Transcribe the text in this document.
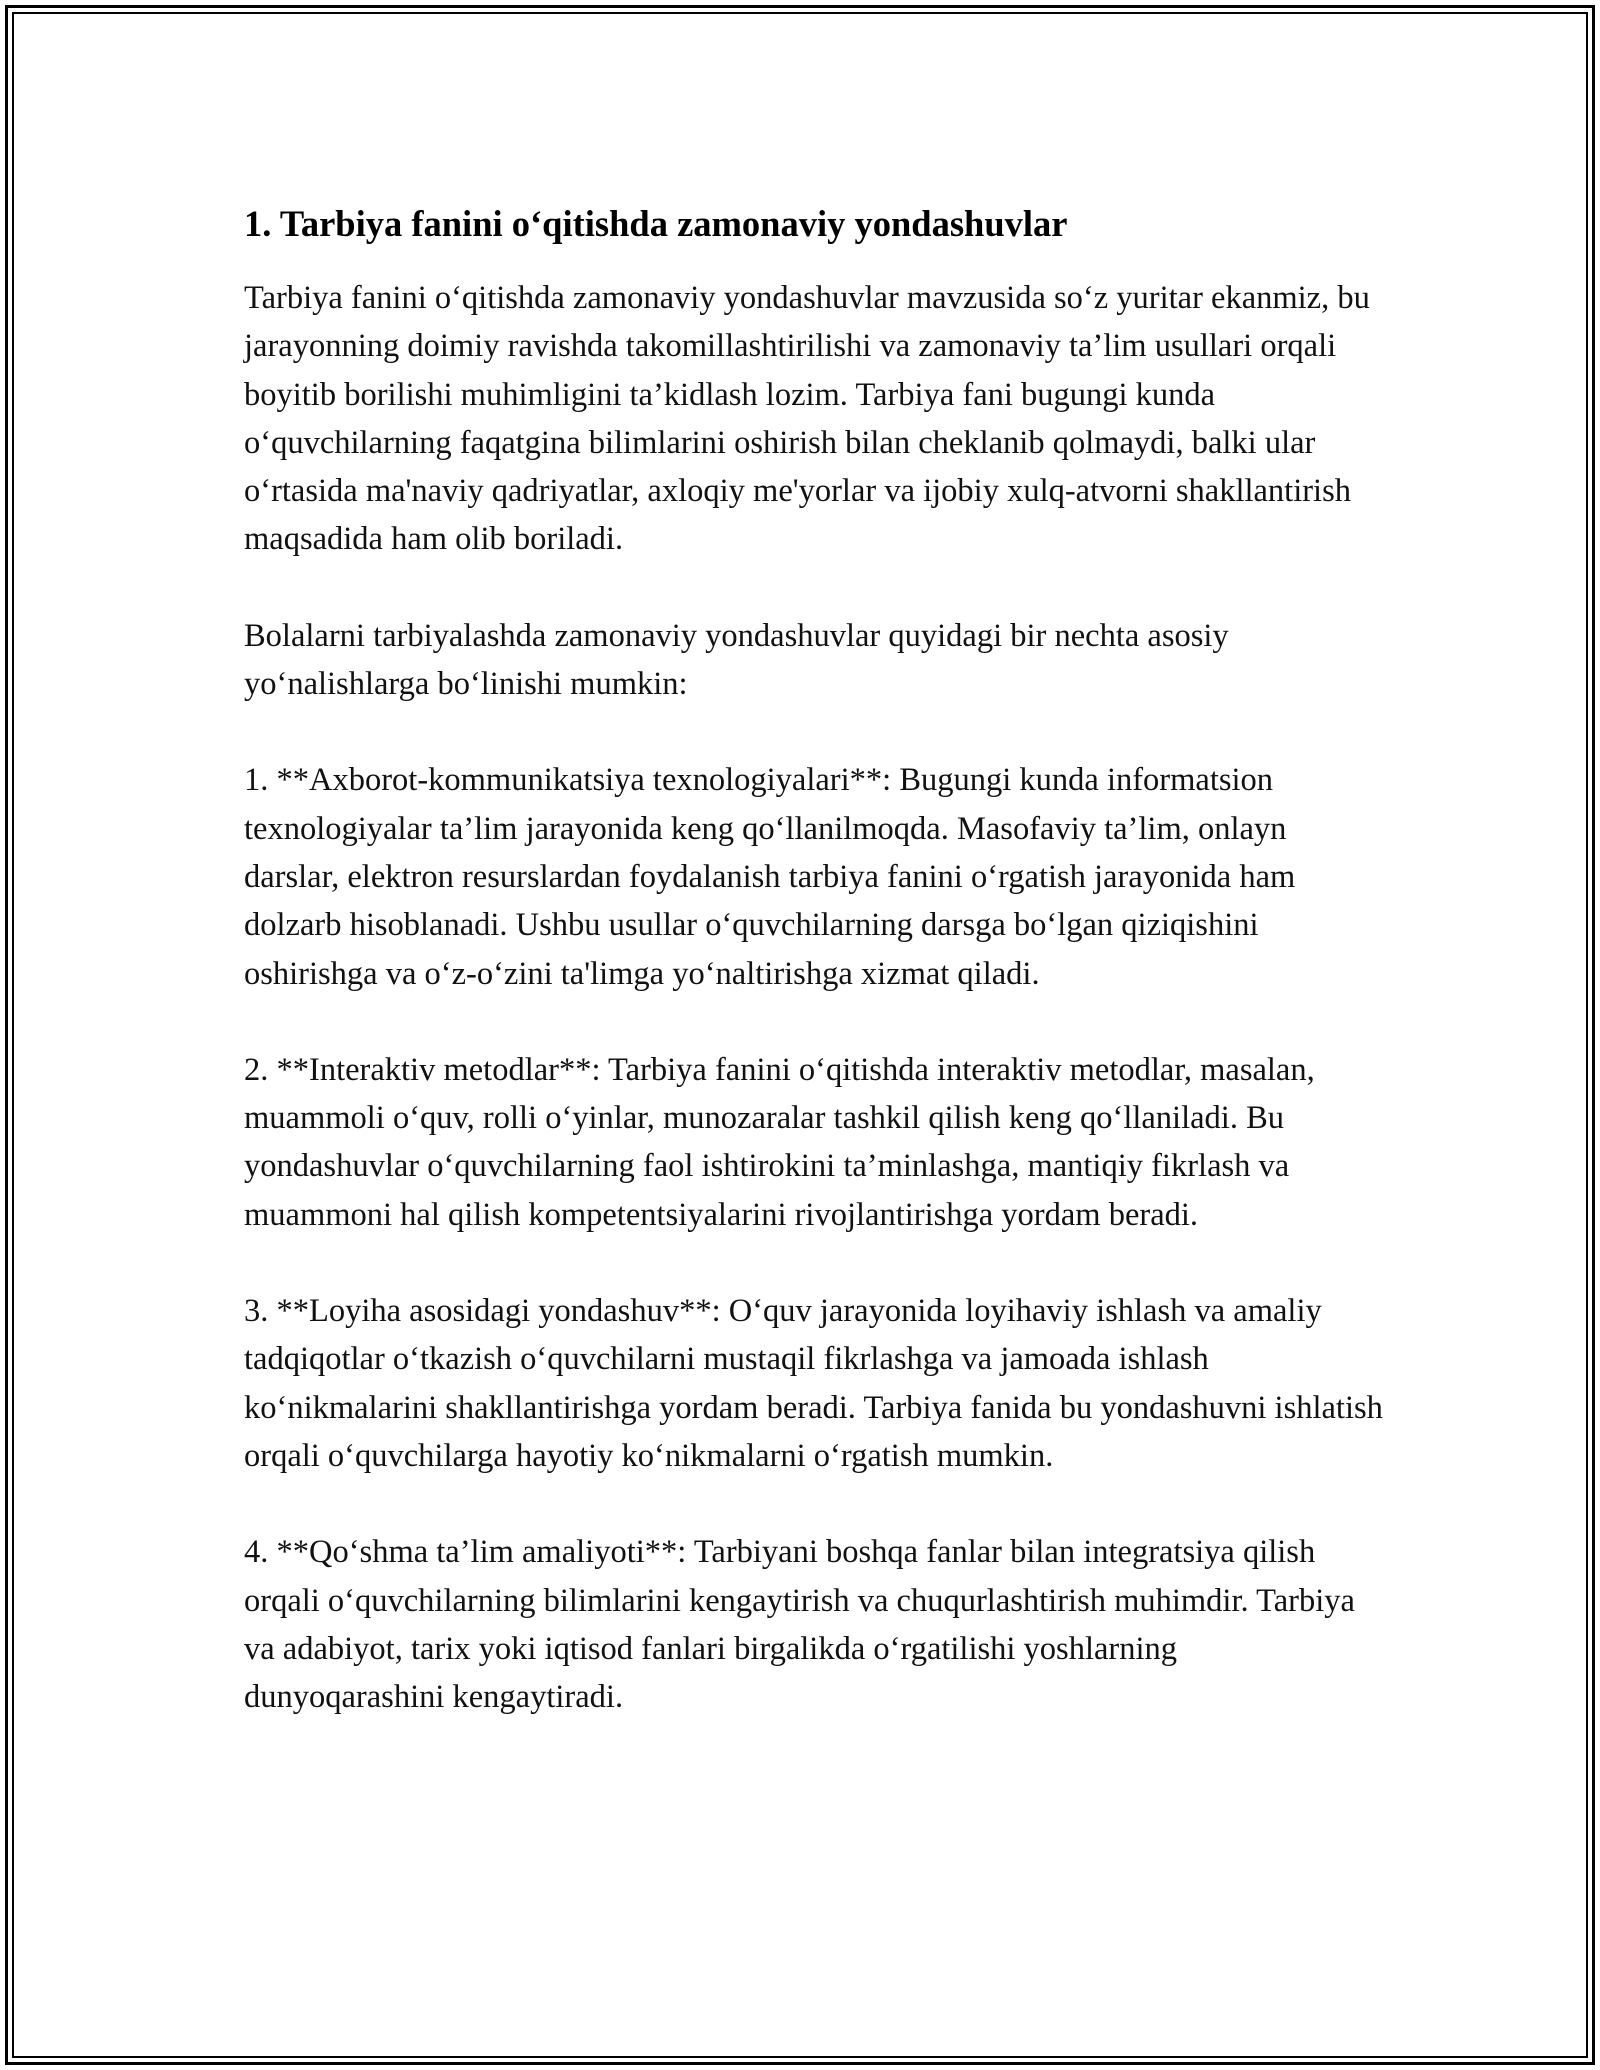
1. Tarbiya fanini o‘qitishda zamonaviy yondashuvlar

Tarbiya fanini o‘qitishda zamonaviy yondashuvlar mavzusida so‘z yuritar ekanmiz, bu jarayonning doimiy ravishda takomillashtirilishi va zamonaviy ta’lim usullari orqali boyitib borilishi muhimligini ta’kidlash lozim. Tarbiya fani bugungi kunda o‘quvchilarning faqatgina bilimlarini oshirish bilan cheklanib qolmaydi, balki ular o‘rtasida ma'naviy qadriyatlar, axloqiy me'yorlar va ijobiy xulq-atvorni shakllantirish maqsadida ham olib boriladi.

Bolalarni tarbiyalashda zamonaviy yondashuvlar quyidagi bir nechta asosiy yo‘nalishlarga bo‘linishi mumkin:

1. **Axborot-kommunikatsiya texnologiyalari**: Bugungi kunda informatsion texnologiyalar ta’lim jarayonida keng qo‘llanilmoqda. Masofaviy ta’lim, onlayn darslar, elektron resurslardan foydalanish tarbiya fanini o‘rgatish jarayonida ham dolzarb hisoblanadi. Ushbu usullar o‘quvchilarning darsga bo‘lgan qiziqishini oshirishga va o‘z-o‘zini ta'limga yo‘naltirishga xizmat qiladi.

2. **Interaktiv metodlar**: Tarbiya fanini o‘qitishda interaktiv metodlar, masalan, muammoli o‘quv, rolli o‘yinlar, munozaralar tashkil qilish keng qo‘llaniladi. Bu yondashuvlar o‘quvchilarning faol ishtirokini ta’minlashga, mantiqiy fikrlash va muammoni hal qilish kompetentsiyalarini rivojlantirishga yordam beradi.

3. **Loyiha asosidagi yondashuv**: O‘quv jarayonida loyihaviy ishlash va amaliy tadqiqotlar o‘tkazish o‘quvchilarni mustaqil fikrlashga va jamoada ishlash ko‘nikmalarini shakllantirishga yordam beradi. Tarbiya fanida bu yondashuvni ishlatish orqali o‘quvchilarga hayotiy ko‘nikmalarni o‘rgatish mumkin.

4. **Qo‘shma ta’lim amaliyoti**: Tarbiyani boshqa fanlar bilan integratsiya qilish orqali o‘quvchilarning bilimlarini kengaytirish va chuqurlashtirish muhimdir. Tarbiya va adabiyot, tarix yoki iqtisod fanlari birgalikda o‘rgatilishi yoshlarning dunyoqarashini kengaytiradi.
